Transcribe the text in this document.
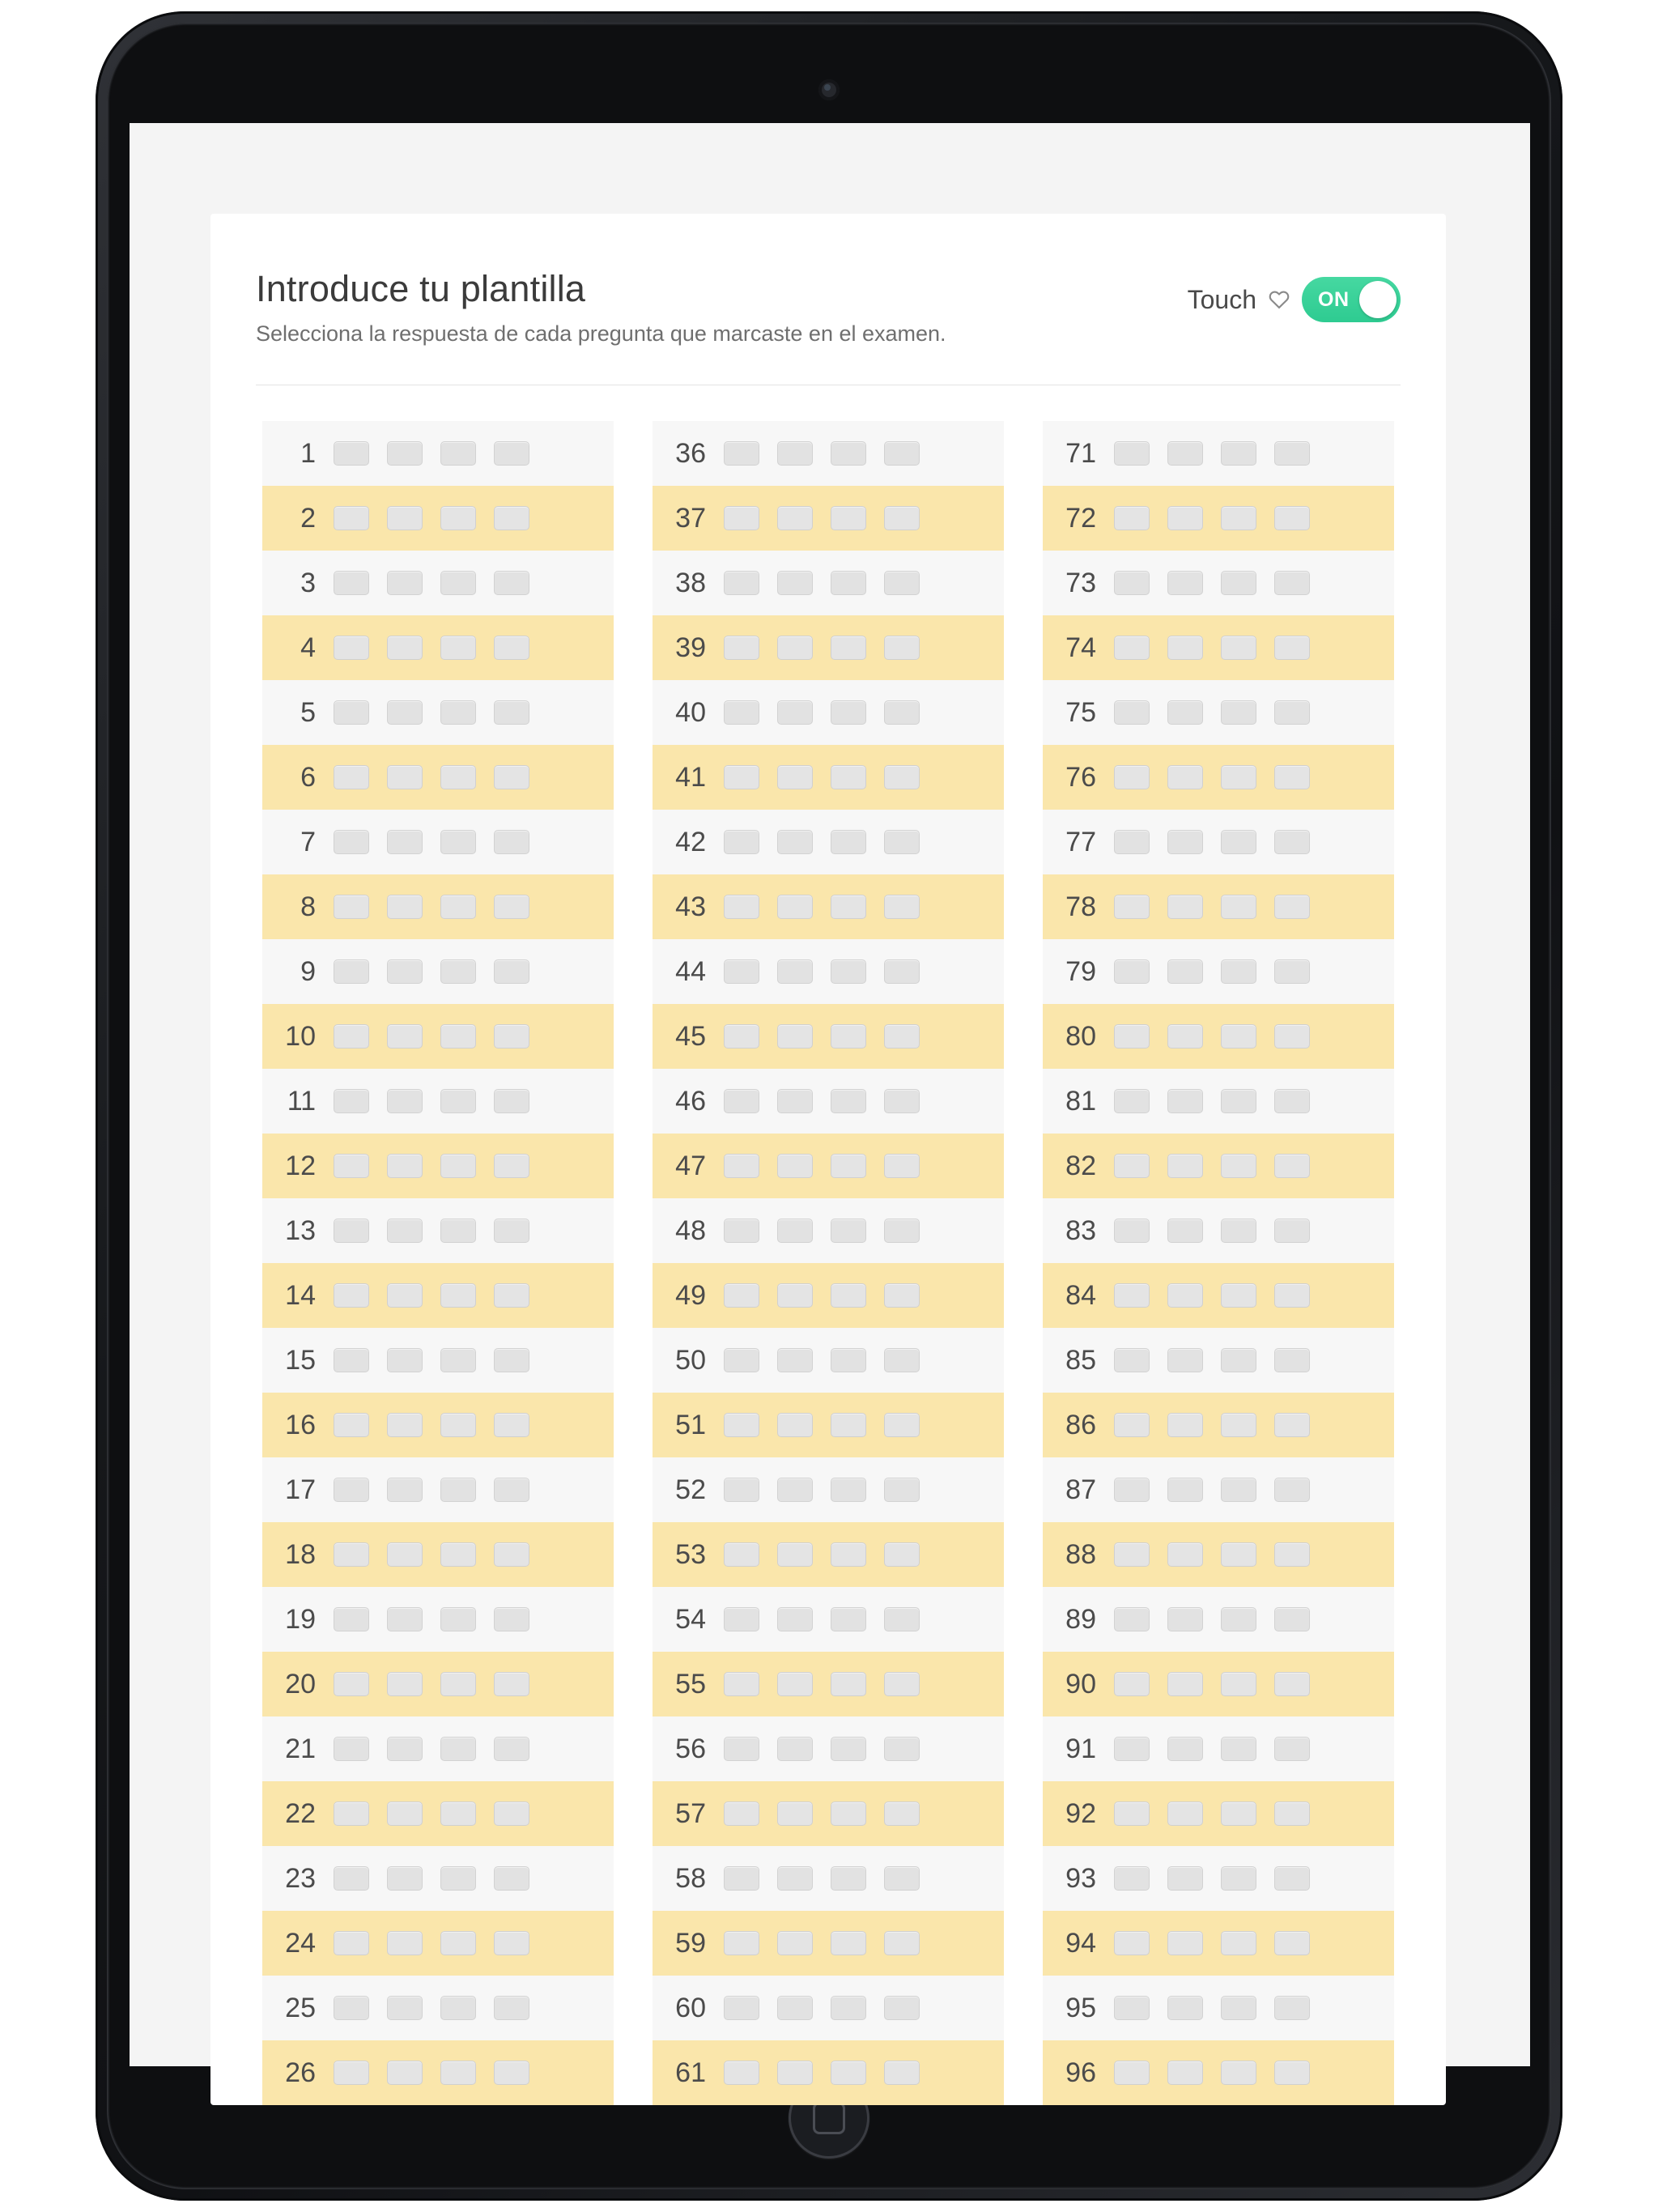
Introduce tu plantilla

Selecciona la respuesta de cada pregunta que marcaste en el examen.

Touch	ON
1
2
3
4
5
6
7
8
9
10
11
12
13
14
15
16
17
18
19
20
21
22
23
24
25
26
36
37
38
39
40
41
42
43
44
45
46
47
48
49
50
51
52
53
54
55
56
57
58
59
60
61
71
72
73
74
75
76
77
78
79
80
81
82
83
84
85
86
87
88
89
90
91
92
93
94
95
96
